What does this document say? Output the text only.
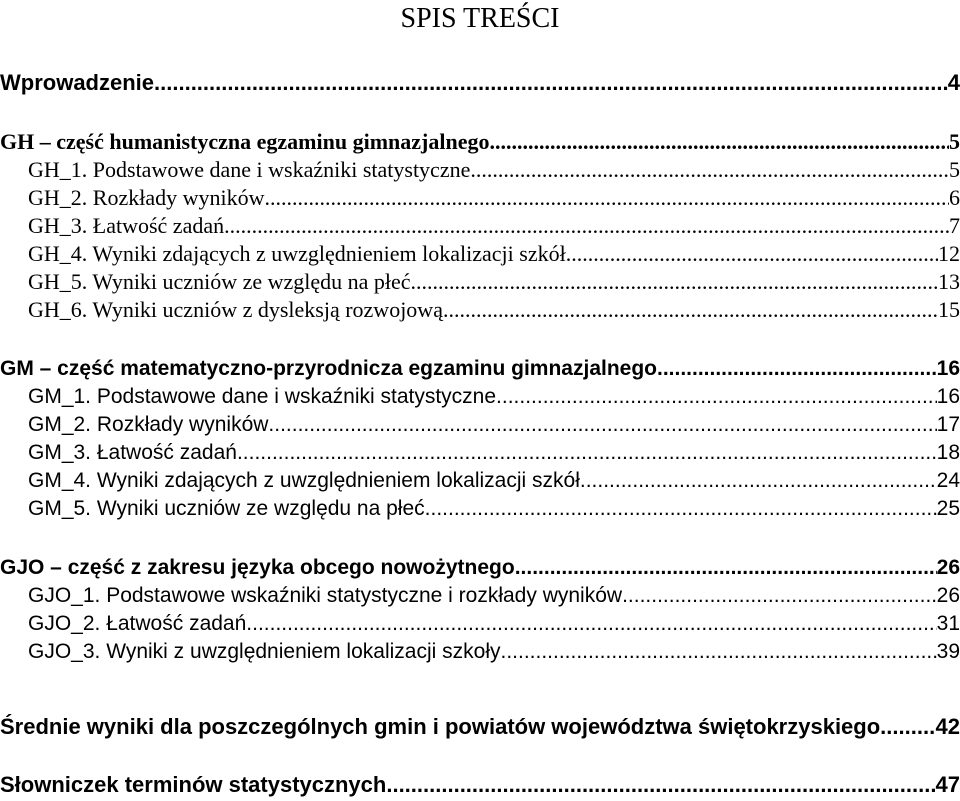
SPIS TREŚCI
Wprowadzenie .....	4
GH – część humanistyczna egzaminu gimnazjalnego .....	5
GH_1. Podstawowe dane i wskaźniki statystyczne .....	5
GH_2. Rozkłady wyników .....	6
GH_3. Łatwość zadań .....	7
GH_4. Wyniki zdających z uwzględnieniem lokalizacji szkół .....	12
GH_5. Wyniki uczniów ze względu na płeć .....	13
GH_6. Wyniki uczniów z dysleksją rozwojową .....	15
GM – część matematyczno-przyrodnicza egzaminu gimnazjalnego .....	16
GM_1. Podstawowe dane i wskaźniki statystyczne .....	16
GM_2. Rozkłady wyników .....	17
GM_3. Łatwość zadań .....	18
GM_4. Wyniki zdających z uwzględnieniem lokalizacji szkół .....	24
GM_5. Wyniki uczniów ze względu na płeć .....	25
GJO – część z zakresu języka obcego nowożytnego .....	26
GJO_1. Podstawowe wskaźniki statystyczne i rozkłady wyników .....	26
GJO_2. Łatwość zadań .....	31
GJO_3. Wyniki z uwzględnieniem lokalizacji szkoły .....	39
Średnie wyniki dla poszczególnych gmin i powiatów województwa świętokrzyskiego .....	42
Słowniczek terminów statystycznych .....	47
